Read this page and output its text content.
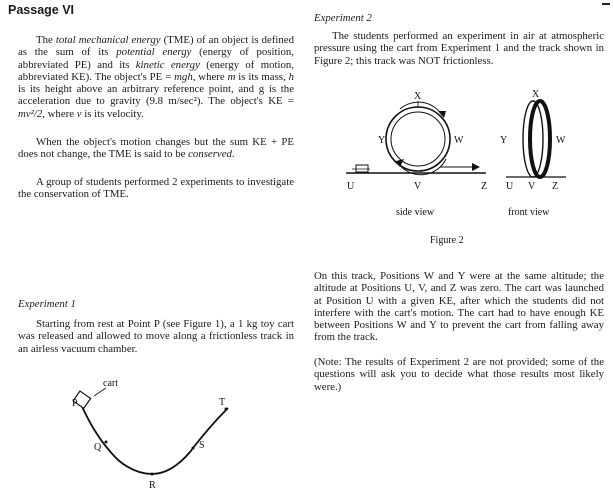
Passage VI

The total mechanical energy (TME) of an object is defined as the sum of its potential energy (energy of position, abbreviated PE) and its kinetic energy (energy of motion, abbreviated KE). The object's PE = mgh, where m is its mass, h is its height above an arbitrary reference point, and g is the acceleration due to gravity (9.8 m/sec²). The object's KE = mv²/2, where v is its velocity.

When the object's motion changes but the sum KE + PE does not change, the TME is said to be conserved.

A group of students performed 2 experiments to investigate the conservation of TME.

Experiment 1

Starting from rest at Point P (see Figure 1), a 1 kg toy cart was released and allowed to move along a frictionless track in an airless vacuum chamber.

cart
P
Q
R
S
T
Experiment 2

The students performed an experiment in air at atmospheric pressure using the cart from Experiment 1 and the track shown in Figure 2; this track was NOT frictionless.

X
Y	W
U	V	Z
side view
X
Y	W
U V Z
front view
Figure 2

On this track, Positions W and Y were at the same altitude; the altitude at Positions U, V, and Z was zero. The cart was launched at Position U with a given KE, after which the students did not interfere with the cart's motion. The cart had to have enough KE between Positions W and Y to prevent the cart from falling away from the track.

(Note: The results of Experiment 2 are not provided; some of the questions will ask you to decide what those results most likely were.)
